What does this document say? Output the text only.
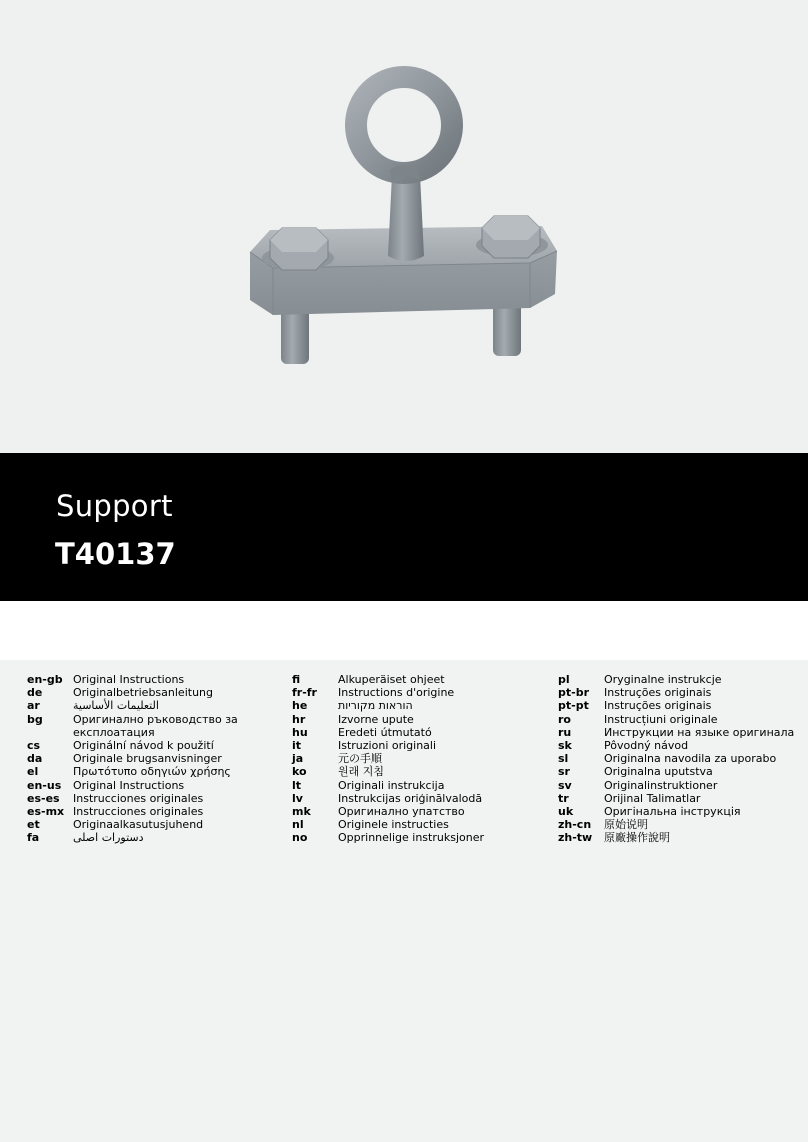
Support
T40137
en-gb Original Instructions
de	Originalbetriebsanleitung
ar	التعليمات الأساسية
bg	Оригинално ръководство за
експлоатация
cs	Originální návod k použití
da	Originale brugsanvisninger
el	Πρωτότυπο οδηγιών χρήσης
en-us	Original Instructions
es-es	Instrucciones originales
es-mx Instrucciones originales
et	Originaalkasutusjuhend
fa	دستورات اصلی
fi	Alkuperäiset ohjeet
fr-fr	Instructions d'origine
he	הוראות מקוריות
hr	Izvorne upute
hu	Eredeti útmutató
it	Istruzioni originali
ja	元の手順
ko	원래 지침
lt	Originali instrukcija
lv	Instrukcijas oriģinālvalodā
mk	Оригинално упатство
nl	Originele instructies
no	Opprinnelige instruksjoner
pl	Oryginalne instrukcje
pt-br	Instruções originais
pt-pt	Instruções originais
ro	Instrucțiuni originale
ru	Инструкции на языке оригинала
sk	Pôvodný návod
sl	Originalna navodila za uporabo
sr	Originalna uputstva
sv	Originalinstruktioner
tr	Orijinal Talimatlar
uk	Оригінальна інструкція
zh-cn	原始说明
zh-tw	原廠操作說明
